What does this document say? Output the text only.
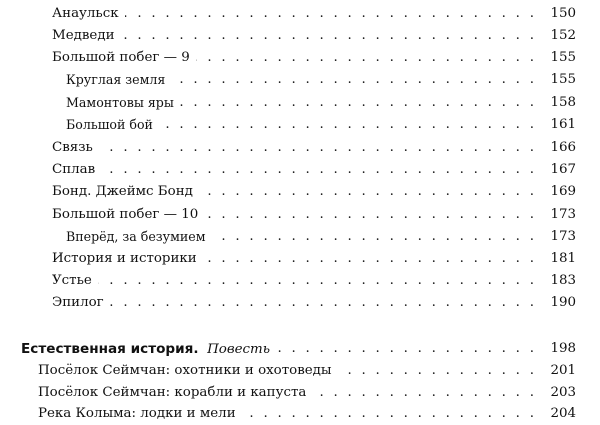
Анаульск . . .	150
Медведи . . .	152
Большой побег — 9 . . .	155
Круглая земля . . .	155
Мамонтовы яры . . .	158
Большой бой . . .	161
Связь . . .	166
Сплав . . .	167
Бонд. Джеймс Бонд . . .	169
Большой побег — 10 . . .	173
Вперёд, за безумием . . .	173
История и историки . . .	181
Устье . . .	183
Эпилог . . .	190
Естественная история. Повесть . . .	198
Посёлок Сеймчан: охотники и охотоведы . . .	201
Посёлок Сеймчан: корабли и капуста . . .	203
Река Колыма: лодки и мели . . .	204
